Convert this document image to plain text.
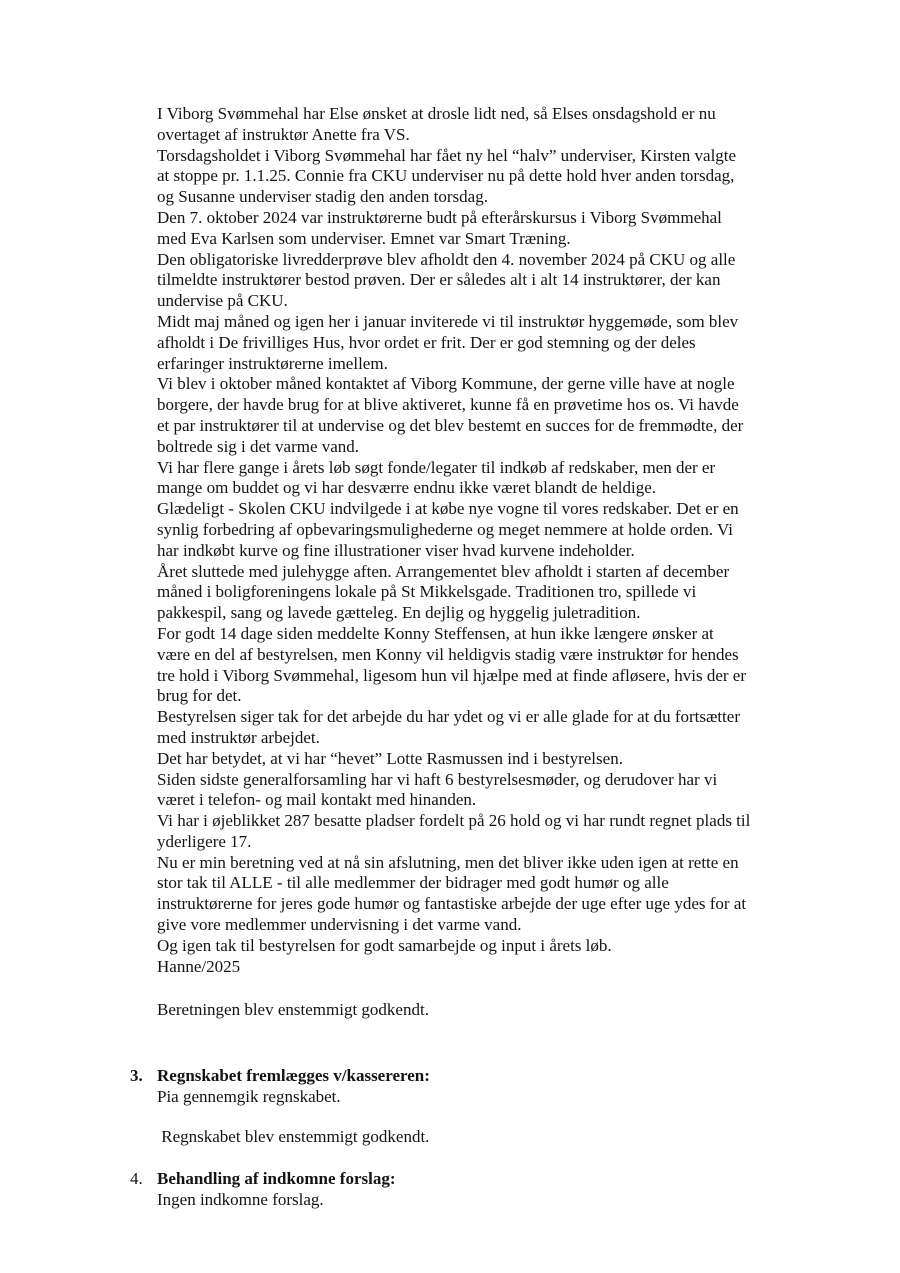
I Viborg Svømmehal har Else ønsket at drosle lidt ned, så Elses onsdagshold er nu
overtaget af instruktør Anette fra VS.
Torsdagsholdet i Viborg Svømmehal har fået ny hel “halv” underviser, Kirsten valgte
at stoppe pr. 1.1.25. Connie fra CKU underviser nu på dette hold hver anden torsdag,
og Susanne underviser stadig den anden torsdag.
Den 7. oktober 2024 var instruktørerne budt på efterårskursus i Viborg Svømmehal
med Eva Karlsen som underviser. Emnet var Smart Træning.
Den obligatoriske livredderprøve blev afholdt den 4. november 2024 på CKU og alle
tilmeldte instruktører bestod prøven. Der er således alt i alt 14 instruktører, der kan
undervise på CKU.
Midt maj måned og igen her i januar inviterede vi til instruktør hyggemøde, som blev
afholdt i De frivilliges Hus, hvor ordet er frit. Der er god stemning og der deles
erfaringer instruktørerne imellem.
Vi blev i oktober måned kontaktet af Viborg Kommune, der gerne ville have at nogle
borgere, der havde brug for at blive aktiveret, kunne få en prøvetime hos os. Vi havde
et par instruktører til at undervise og det blev bestemt en succes for de fremmødte, der
boltrede sig i det varme vand.
Vi har flere gange i årets løb søgt fonde/legater til indkøb af redskaber, men der er
mange om buddet og vi har desværre endnu ikke været blandt de heldige.
Glædeligt - Skolen CKU indvilgede i at købe nye vogne til vores redskaber. Det er en
synlig forbedring af opbevaringsmulighederne og meget nemmere at holde orden. Vi
har indkøbt kurve og fine illustrationer viser hvad kurvene indeholder.
Året sluttede med julehygge aften. Arrangementet blev afholdt i starten af december
måned i boligforeningens lokale på St Mikkelsgade. Traditionen tro, spillede vi
pakkespil, sang og lavede gætteleg. En dejlig og hyggelig juletradition.
For godt 14 dage siden meddelte Konny Steffensen, at hun ikke længere ønsker at
være en del af bestyrelsen, men Konny vil heldigvis stadig være instruktør for hendes
tre hold i Viborg Svømmehal, ligesom hun vil hjælpe med at finde afløsere, hvis der er
brug for det.
Bestyrelsen siger tak for det arbejde du har ydet og vi er alle glade for at du fortsætter
med instruktør arbejdet.
Det har betydet, at vi har “hevet” Lotte Rasmussen ind i bestyrelsen.
Siden sidste generalforsamling har vi haft 6 bestyrelsesmøder, og derudover har vi
været i telefon- og mail kontakt med hinanden.
Vi har i øjeblikket 287 besatte pladser fordelt på 26 hold og vi har rundt regnet plads til
yderligere 17.
Nu er min beretning ved at nå sin afslutning, men det bliver ikke uden igen at rette en
stor tak til ALLE - til alle medlemmer der bidrager med godt humør og alle
instruktørerne for jeres gode humør og fantastiske arbejde der uge efter uge ydes for at
give vore medlemmer undervisning i det varme vand.
Og igen tak til bestyrelsen for godt samarbejde og input i årets løb.
Hanne/2025
Beretningen blev enstemmigt godkendt.
3. Regnskabet fremlægges v/kassereren:
Pia gennemgik regnskabet.
Regnskabet blev enstemmigt godkendt.
4. Behandling af indkomne forslag:
Ingen indkomne forslag.
